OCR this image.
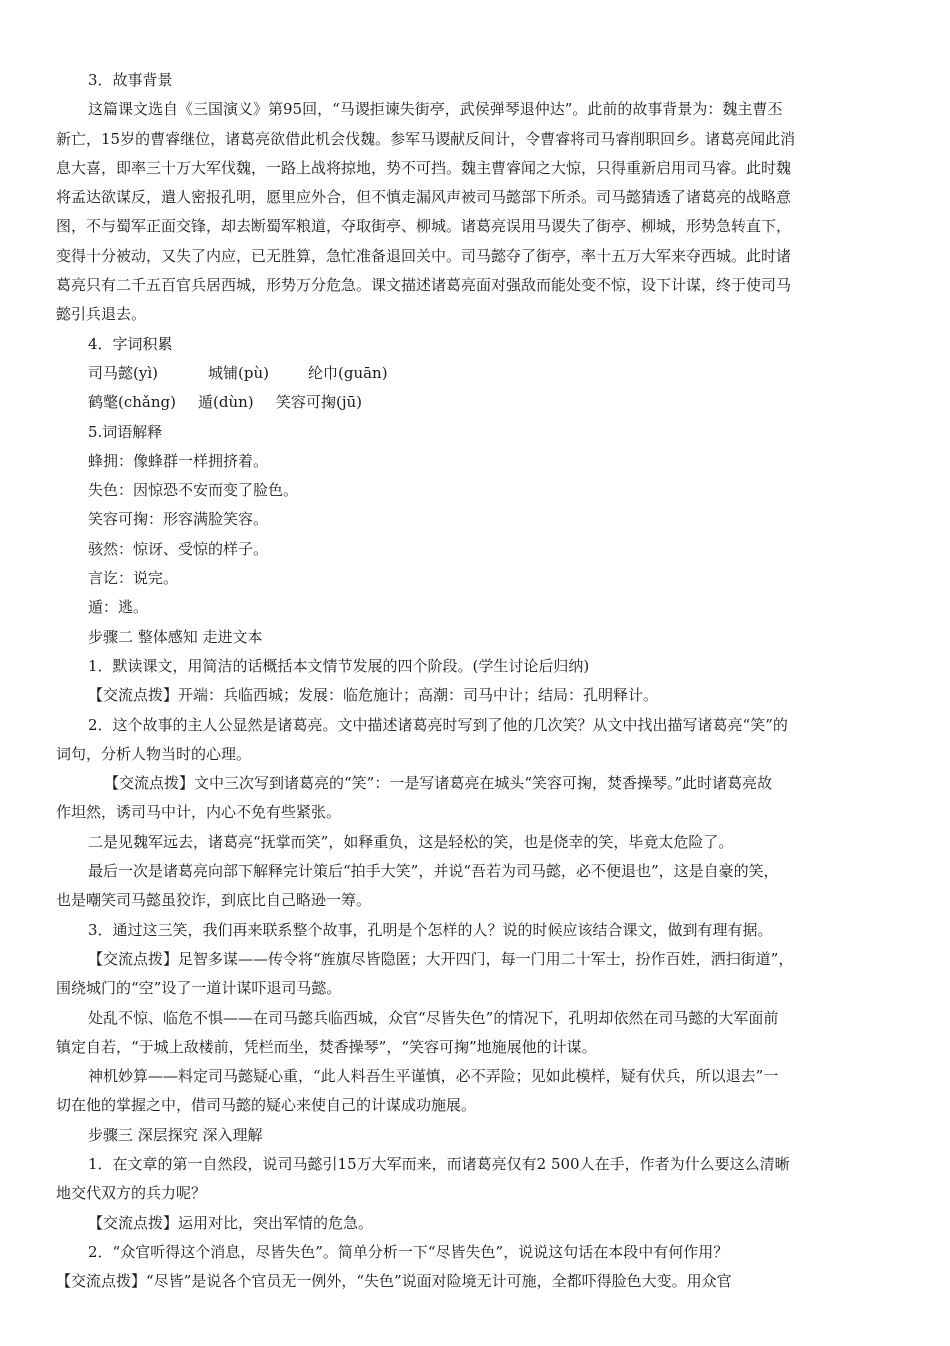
3．故事背景

这篇课文选自《三国演义》第95回，“马谡拒谏失街亭，武侯弹琴退仲达”。此前的故事背景为：魏主曹丕

新亡，15岁的曹睿继位，诸葛亮欲借此机会伐魏。参军马谡献反间计，令曹睿将司马睿削职回乡。诸葛亮闻此消

息大喜，即率三十万大军伐魏，一路上战将掠地，势不可挡。魏主曹睿闻之大惊，只得重新启用司马睿。此时魏

将孟达欲谋反，遣人密报孔明，愿里应外合，但不慎走漏风声被司马懿部下所杀。司马懿猜透了诸葛亮的战略意

图，不与蜀军正面交锋，却去断蜀军粮道，夺取街亭、柳城。诸葛亮误用马谡失了街亭、柳城，形势急转直下，

变得十分被动，又失了内应，已无胜算，急忙准备退回关中。司马懿夺了街亭，率十五万大军来夺西城。此时诸

葛亮只有二千五百官兵居西城，形势万分危急。课文描述诸葛亮面对强敌而能处变不惊，设下计谋，终于使司马

懿引兵退去。

4．字词积累

司马懿(yì)	城铺(pù)	纶巾(guān)

鹤氅(chǎng) 遁(dùn) 笑容可掬(jū)

5.词语解释

蜂拥：像蜂群一样拥挤着。

失色：因惊恐不安而变了脸色。

笑容可掬：形容满脸笑容。

骇然：惊讶、受惊的样子。

言讫：说完。

遁：逃。

步骤二 整体感知 走进文本

1．默读课文，用简洁的话概括本文情节发展的四个阶段。(学生讨论后归纳)

【交流点拨】开端：兵临西城；发展：临危施计；高潮：司马中计；结局：孔明释计。

2．这个故事的主人公显然是诸葛亮。文中描述诸葛亮时写到了他的几次笑？从文中找出描写诸葛亮“笑”的

词句，分析人物当时的心理。

【交流点拨】文中三次写到诸葛亮的“笑”：一是写诸葛亮在城头“笑容可掬，焚香操琴。”此时诸葛亮故

作坦然，诱司马中计，内心不免有些紧张。

二是见魏军远去，诸葛亮“抚掌而笑”，如释重负，这是轻松的笑，也是侥幸的笑，毕竟太危险了。

最后一次是诸葛亮向部下解释完计策后“拍手大笑”，并说“吾若为司马懿，必不便退也”，这是自豪的笑，

也是嘲笑司马懿虽狡诈，到底比自己略逊一筹。

3．通过这三笑，我们再来联系整个故事，孔明是个怎样的人？说的时候应该结合课文，做到有理有据。

【交流点拨】足智多谋——传令将“旌旗尽皆隐匿；大开四门，每一门用二十军士，扮作百姓，洒扫街道”，

围绕城门的“空”设了一道计谋吓退司马懿。

处乱不惊、临危不惧——在司马懿兵临西城，众官“尽皆失色”的情况下，孔明却依然在司马懿的大军面前

镇定自若，“于城上敌楼前，凭栏而坐，焚香操琴”，“笑容可掬”地施展他的计谋。

神机妙算——料定司马懿疑心重，“此人料吾生平谨慎，必不弄险；见如此模样，疑有伏兵，所以退去”一

切在他的掌握之中，借司马懿的疑心来使自己的计谋成功施展。

步骤三 深层探究 深入理解

1．在文章的第一自然段，说司马懿引15万大军而来，而诸葛亮仅有2 500人在手，作者为什么要这么清晰

地交代双方的兵力呢？

【交流点拨】运用对比，突出军情的危急。

2．“众官听得这个消息，尽皆失色”。简单分析一下“尽皆失色”，说说这句话在本段中有何作用？

【交流点拨】“尽皆”是说各个官员无一例外，“失色”说面对险境无计可施，全都吓得脸色大变。用众官
